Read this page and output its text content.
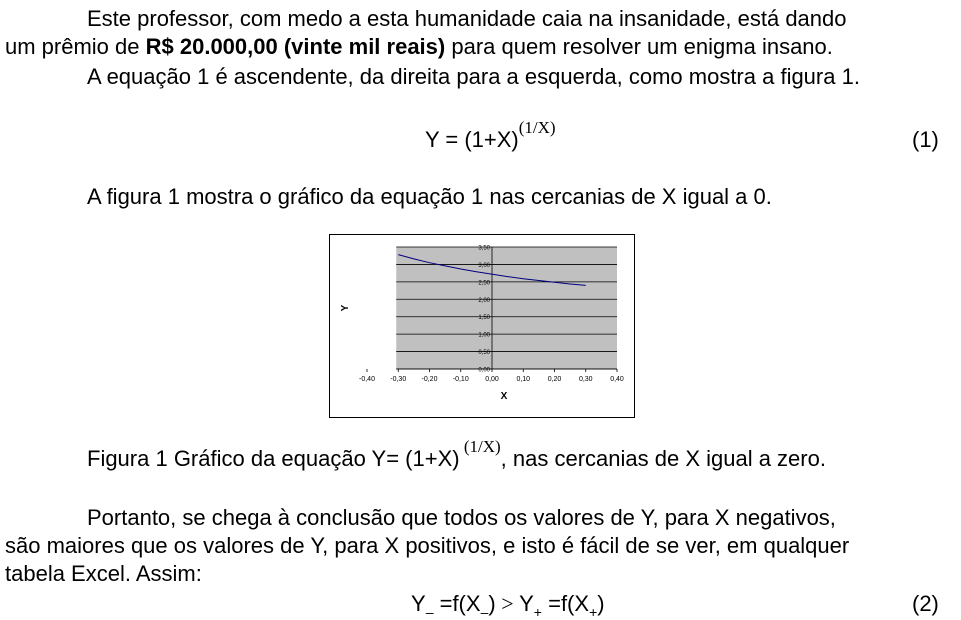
Este professor, com medo a esta humanidade caia na insanidade, está dando
um prêmio de R$ 20.000,00 (vinte mil reais) para quem resolver um enigma insano.
A equação 1 é ascendente, da direita para a esquerda, como mostra a figura 1.
$Y = (1+X)^{(1/X)}$	(1)
A figura 1 mostra o gráfico da equação 1 nas cercanias de X igual a 0.
0,00
0,50
1,00
1,50
2,00
2,50
3,00
3,50
-0,40 -0,30 -0,20 -0,10 0,00	0,10	0,20	0,30	0,40
X
Y
Figura 1 Gráfico da equação Y= (1+X) $^{(1/X)}$, nas cercanias de X igual a zero.
Portanto, se chega à conclusão que todos os valores de Y, para X negativos,
são maiores que os valores de Y, para X positivos, e isto é fácil de se ver, em qualquer
tabela Excel. Assim:
$Y_- =f(X_-) > Y_+ =f(X_+)$	(2)
